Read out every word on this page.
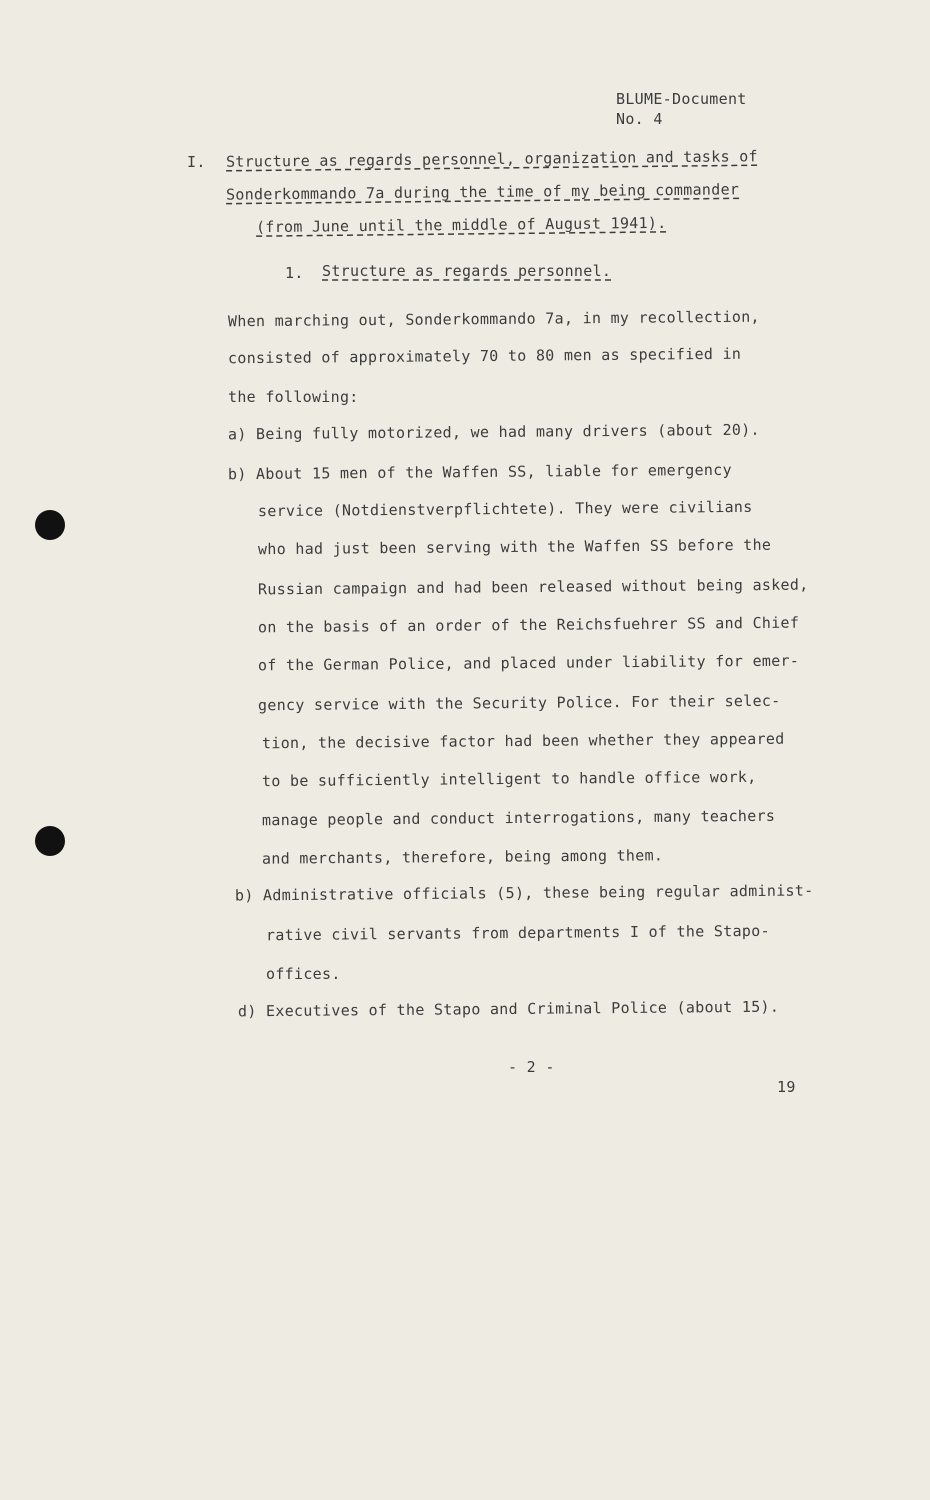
BLUME-Document
No. 4
I. Structure as regards personnel, organization and tasks of
Sonderkommando 7a during the time of my being commander
(from June until the middle of August 1941).
1. Structure as regards personnel.
When marching out, Sonderkommando 7a, in my recollection,
consisted of approximately 70 to 80 men as specified in
the following:
a) Being fully motorized, we had many drivers (about 20).
b) About 15 men of the Waffen SS, liable for emergency
service (Notdienstverpflichtete). They were civilians
who had just been serving with the Waffen SS before the
Russian campaign and had been released without being asked,
on the basis of an order of the Reichsfuehrer SS and Chief
of the German Police, and placed under liability for emer-
gency service with the Security Police. For their selec-
tion, the decisive factor had been whether they appeared
to be sufficiently intelligent to handle office work,
manage people and conduct interrogations, many teachers
and merchants, therefore, being among them.
b) Administrative officials (5), these being regular administ-
rative civil servants from departments I of the Stapo-
offices.
d) Executives of the Stapo and Criminal Police (about 15).
- 2 -
19
